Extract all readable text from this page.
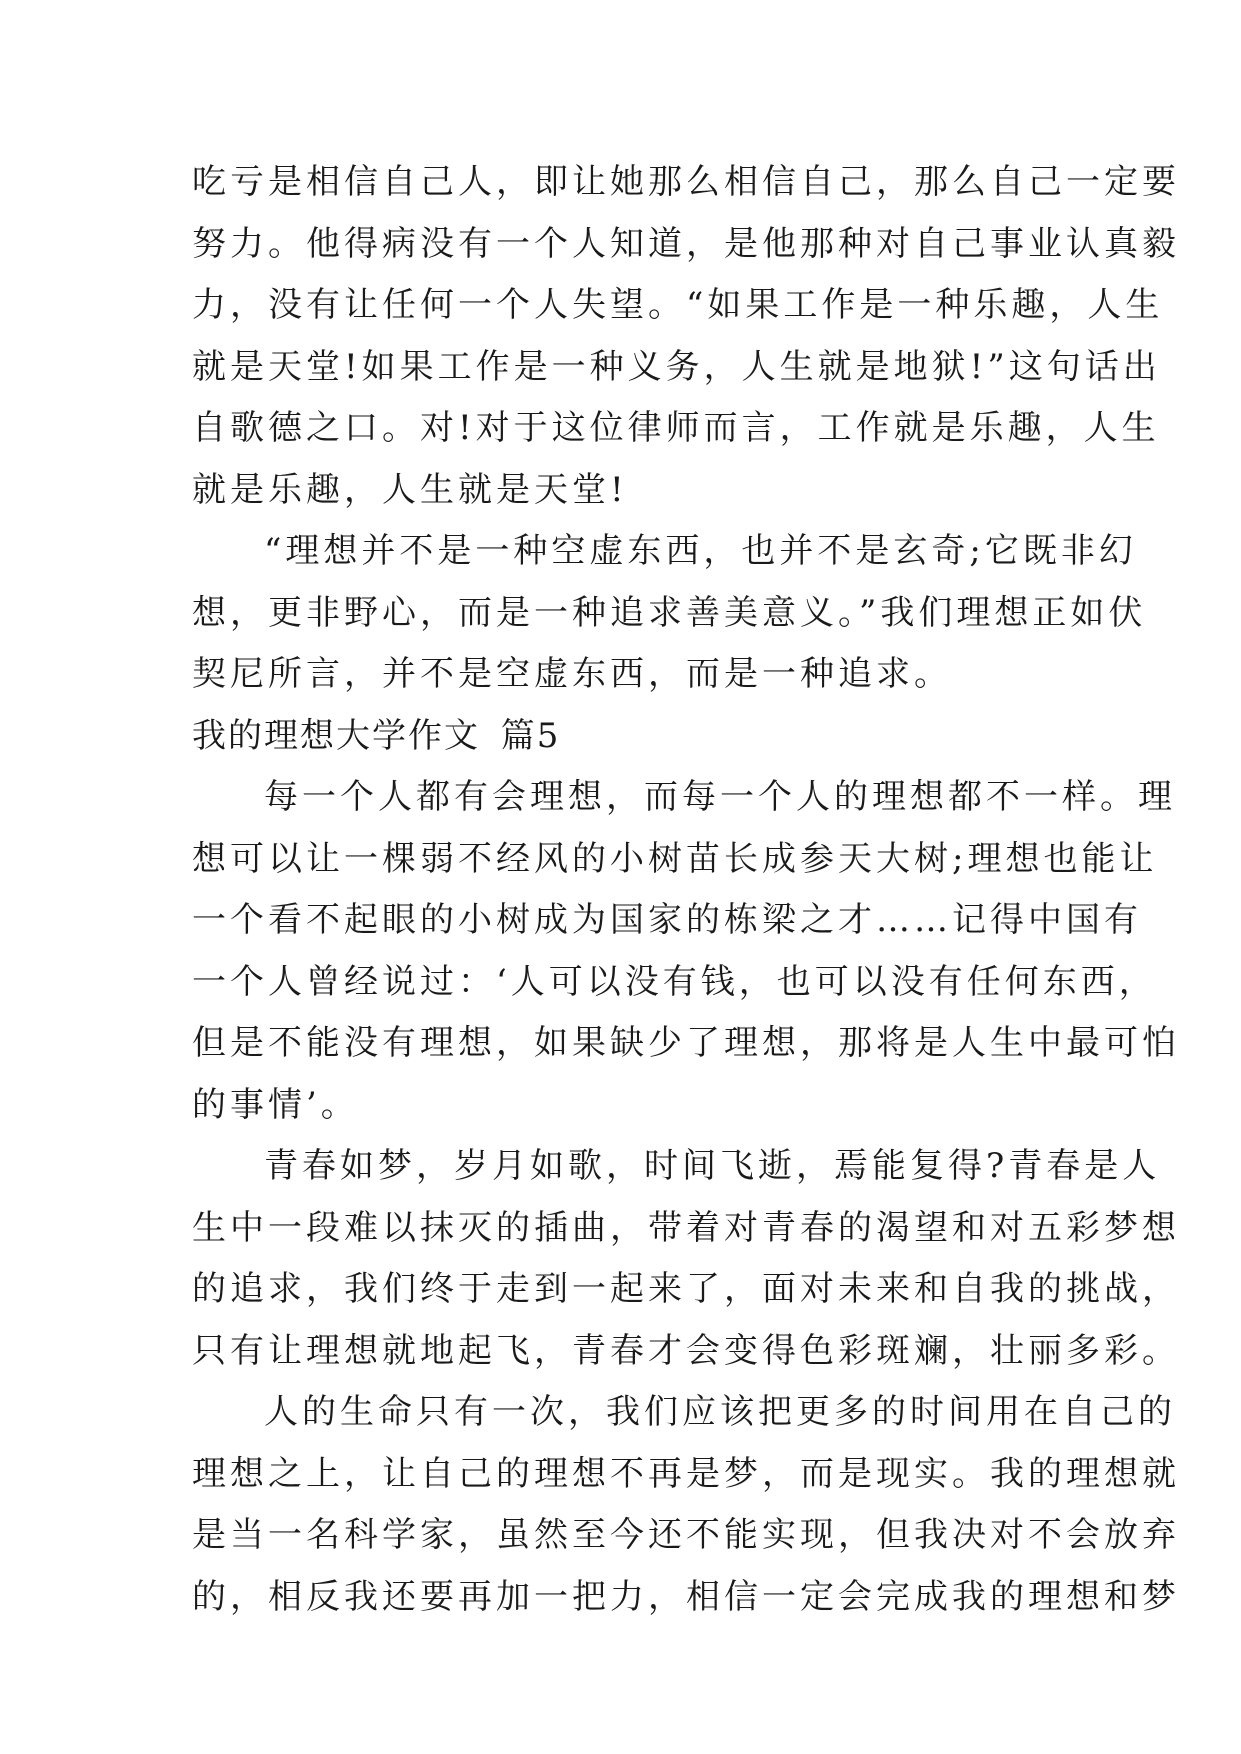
吃亏是相信自己人，即让她那么相信自己，那么自己一定要
努力。他得病没有一个人知道，是他那种对自己事业认真毅
力，没有让任何一个人失望。“如果工作是一种乐趣，人生
就是天堂!如果工作是一种义务，人生就是地狱!”这句话出
自歌德之口。对!对于这位律师而言，工作就是乐趣，人生
就是乐趣，人生就是天堂!
“理想并不是一种空虚东西，也并不是玄奇;它既非幻
想，更非野心，而是一种追求善美意义。”我们理想正如伏
契尼所言，并不是空虚东西，而是一种追求。
我的理想大学作文 篇5
每一个人都有会理想，而每一个人的理想都不一样。理
想可以让一棵弱不经风的小树苗长成参天大树;理想也能让
一个看不起眼的小树成为国家的栋梁之才……记得中国有
一个人曾经说过：‘人可以没有钱，也可以没有任何东西，
但是不能没有理想，如果缺少了理想，那将是人生中最可怕
的事情’。
青春如梦，岁月如歌，时间飞逝，焉能复得?青春是人
生中一段难以抹灭的插曲，带着对青春的渴望和对五彩梦想
的追求，我们终于走到一起来了，面对未来和自我的挑战，
只有让理想就地起飞，青春才会变得色彩斑斓，壮丽多彩。
人的生命只有一次，我们应该把更多的时间用在自己的
理想之上，让自己的理想不再是梦，而是现实。我的理想就
是当一名科学家，虽然至今还不能实现，但我决对不会放弃
的，相反我还要再加一把力，相信一定会完成我的理想和梦
